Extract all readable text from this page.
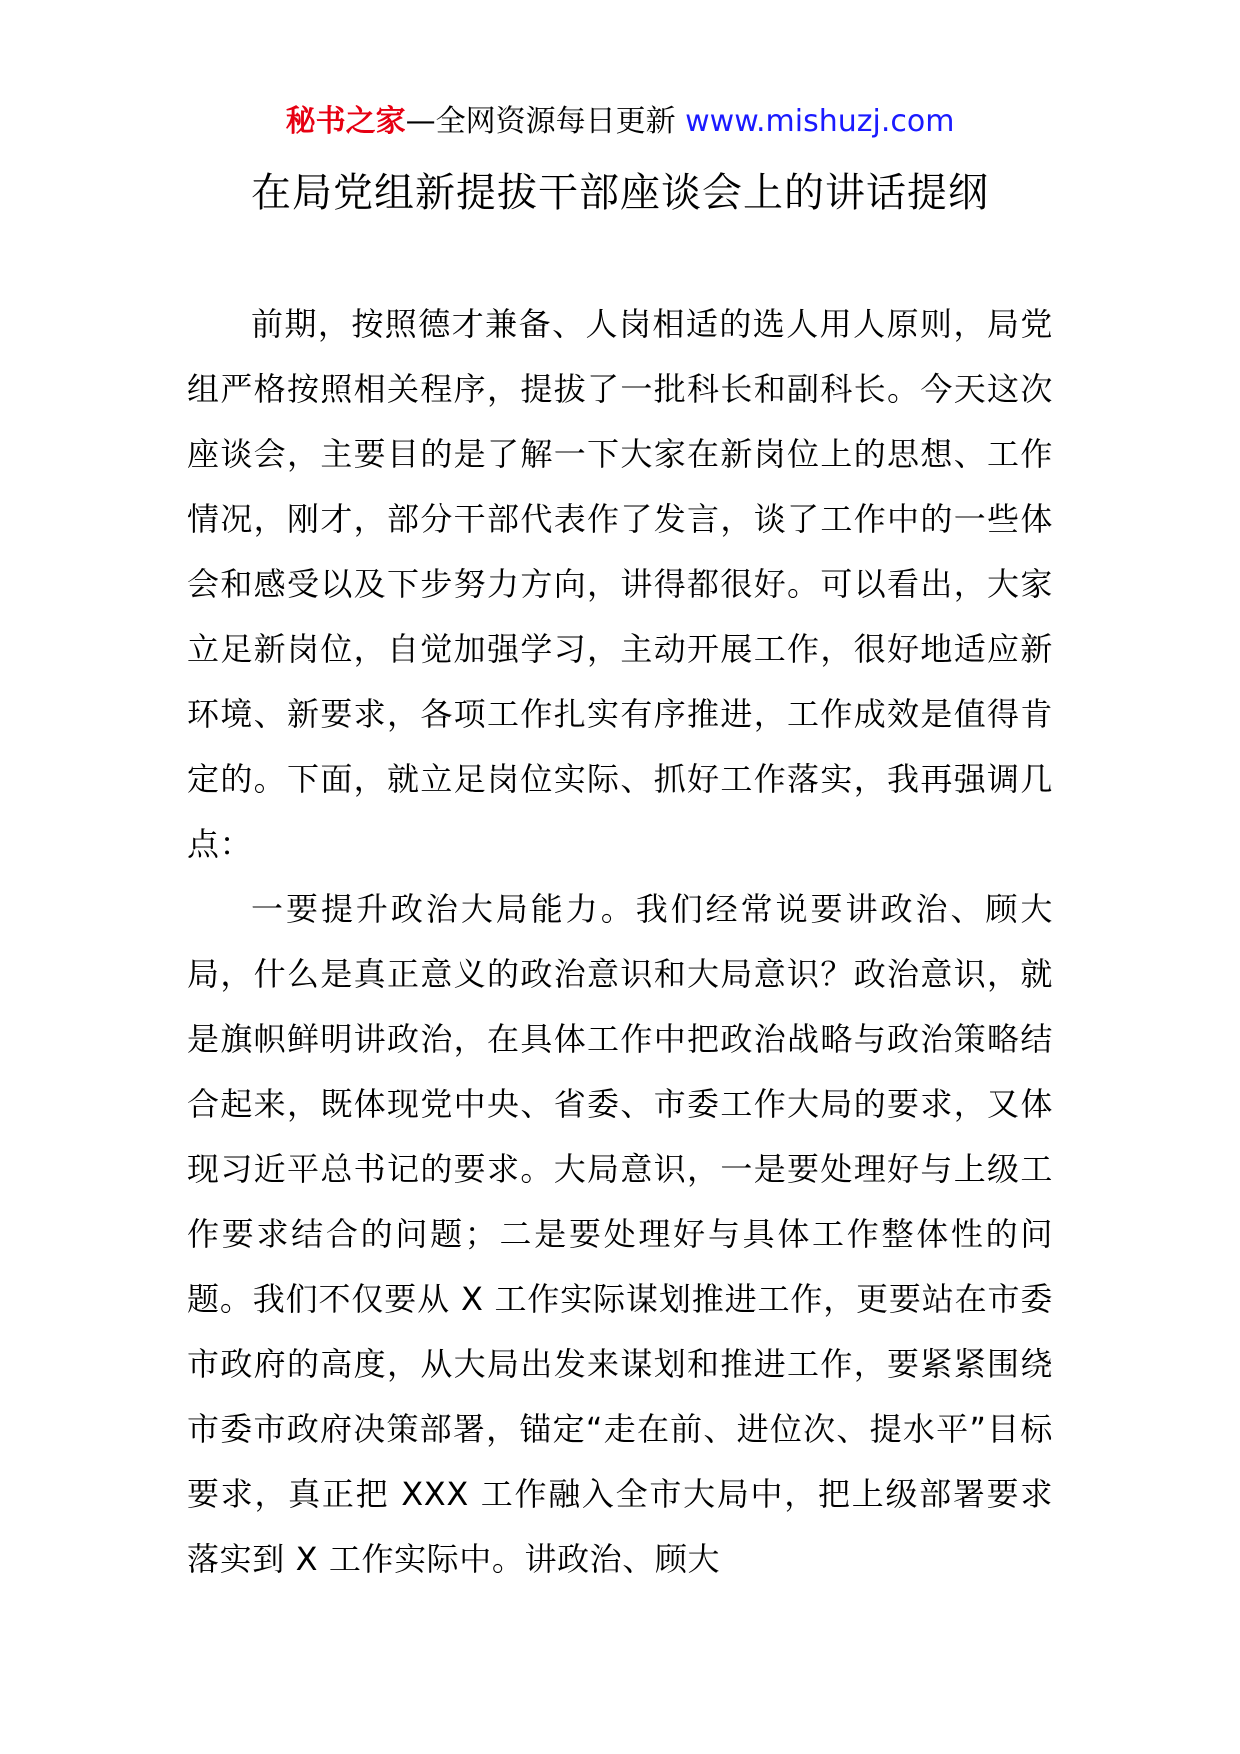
秘书之家—全网资源每日更新 www.mishuzj.com
在局党组新提拔干部座谈会上的讲话提纲

前期，按照德才兼备、人岗相适的选人用人原则，局党组严格按照相关程序，提拔了一批科长和副科长。今天这次座谈会，主要目的是了解一下大家在新岗位上的思想、工作情况，刚才，部分干部代表作了发言，谈了工作中的一些体会和感受以及下步努力方向，讲得都很好。可以看出，大家立足新岗位，自觉加强学习，主动开展工作，很好地适应新环境、新要求，各项工作扎实有序推进，工作成效是值得肯定的。下面，就立足岗位实际、抓好工作落实，我再强调几点：

一要提升政治大局能力。我们经常说要讲政治、顾大局，什么是真正意义的政治意识和大局意识？政治意识，就是旗帜鲜明讲政治，在具体工作中把政治战略与政治策略结合起来，既体现党中央、省委、市委工作大局的要求，又体现习近平总书记的要求。大局意识，一是要处理好与上级工作要求结合的问题；二是要处理好与具体工作整体性的问题。我们不仅要从 X 工作实际谋划推进工作，更要站在市委市政府的高度，从大局出发来谋划和推进工作，要紧紧围绕市委市政府决策部署，锚定“走在前、进位次、提水平”目标要求，真正把 XXX 工作融入全市大局中，把上级部署要求落实到 X 工作实际中。讲政治、顾大
